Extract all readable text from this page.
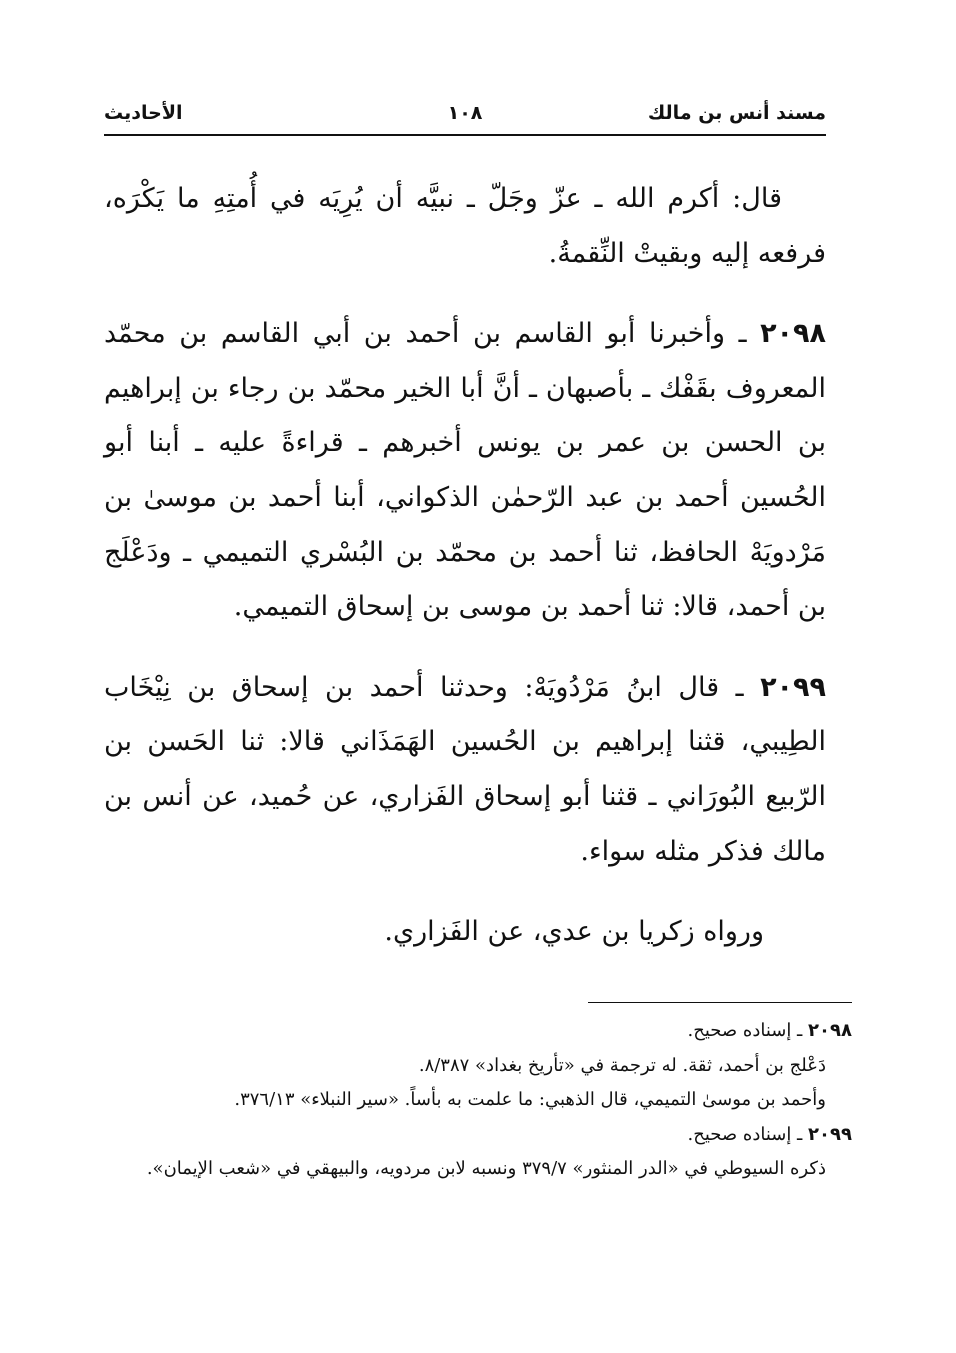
مسند أنس بن مالك
١٠٨
الأحاديث

قال: أكرم الله ـ عزّ وجَلّ ـ نبيَّه أن يُرِيَه في أُمتِهِ ما يَكْرَه، فرفعه إليه وبقيتْ النِّقمةُ.

٢٠٩٨ ـ وأخبرنا أبو القاسم بن أحمد بن أبي القاسم بن محمّد المعروف بقَفْك ـ بأصبهان ـ أنَّ أبا الخير محمّد بن رجاء بن إبراهيم بن الحسن بن عمر بن يونس أخبرهم ـ قراءةً عليه ـ أبنا أبو الحُسين أحمد بن عبد الرّحمٰن الذكواني، أبنا أحمد بن موسىٰ بن مَرْدويَهْ الحافظ، ثنا أحمد بن محمّد بن البُسْري التميمي ـ ودَعْلَج بن أحمد، قالا: ثنا أحمد بن موسى بن إسحاق التميمي.

٢٠٩٩ ـ قال ابنُ مَرْدُويَهْ: وحدثنا أحمد بن إسحاق بن نِيْخَاب الطِيبي، قثنا إبراهيم بن الحُسين الهَمَذَاني قالا: ثنا الحَسن بن الرّبيع البُورَاني ـ قثنا أبو إسحاق الفَزاري، عن حُميد، عن أنس بن مالك فذكر مثله سواء.

ورواه زكريا بن عدي، عن الفَزاري.

٢٠٩٨ ـ إسناده صحيح.

دَعْلج بن أحمد، ثقة. له ترجمة في «تأريخ بغداد» ٨/٣٨٧.

وأحمد بن موسىٰ التميمي، قال الذهبي: ما علمت به بأساً. «سير النبلاء» ٣٧٦/١٣.

٢٠٩٩ ـ إسناده صحيح.

ذكره السيوطي في «الدر المنثور» ٣٧٩/٧ ونسبه لابن مردويه، والبيهقي في «شعب الإيمان».
